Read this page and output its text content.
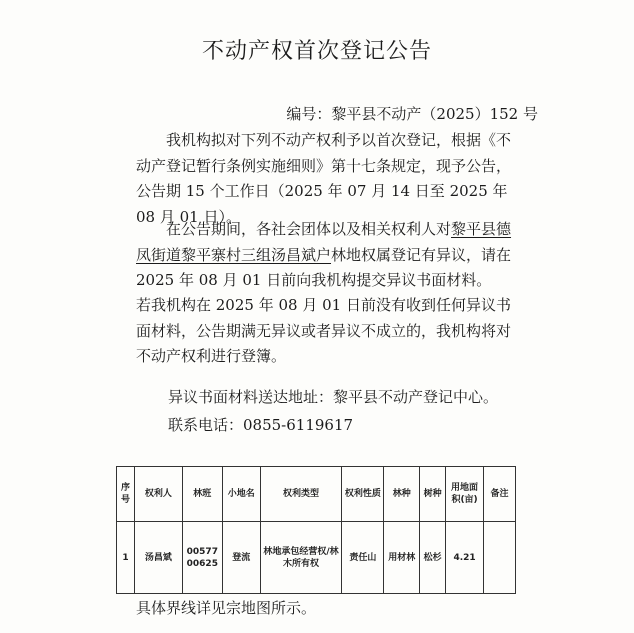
不动产权首次登记公告
编号：黎平县不动产（2025）152 号

我机构拟对下列不动产权利予以首次登记，根据《不动产登记暂行条例实施细则》第十七条规定，现予公告，公告期 15 个工作日（2025 年 07 月 14 日至 2025 年 08 月 01 日）。

在公告期间，各社会团体以及相关权利人对黎平县德凤街道黎平寨村三组汤昌斌户林地权属登记有异议，请在 2025 年 08 月 01 日前向我机构提交异议书面材料。

若我机构在 2025 年 08 月 01 日前没有收到任何异议书面材料，公告期满无异议或者异议不成立的，我机构将对不动产权利进行登簿。

异议书面材料送达地址：黎平县不动产登记中心。
联系电话：0855-6119617
序号	权利人	林班	小地名	权利类型	权利性质	林种	树种	用地面积(亩)	备注
1	汤昌斌	00577 00625	登流	林地承包经营权/林木所有权	责任山	用材林	松杉	4.21	
具体界线详见宗地图所示。
